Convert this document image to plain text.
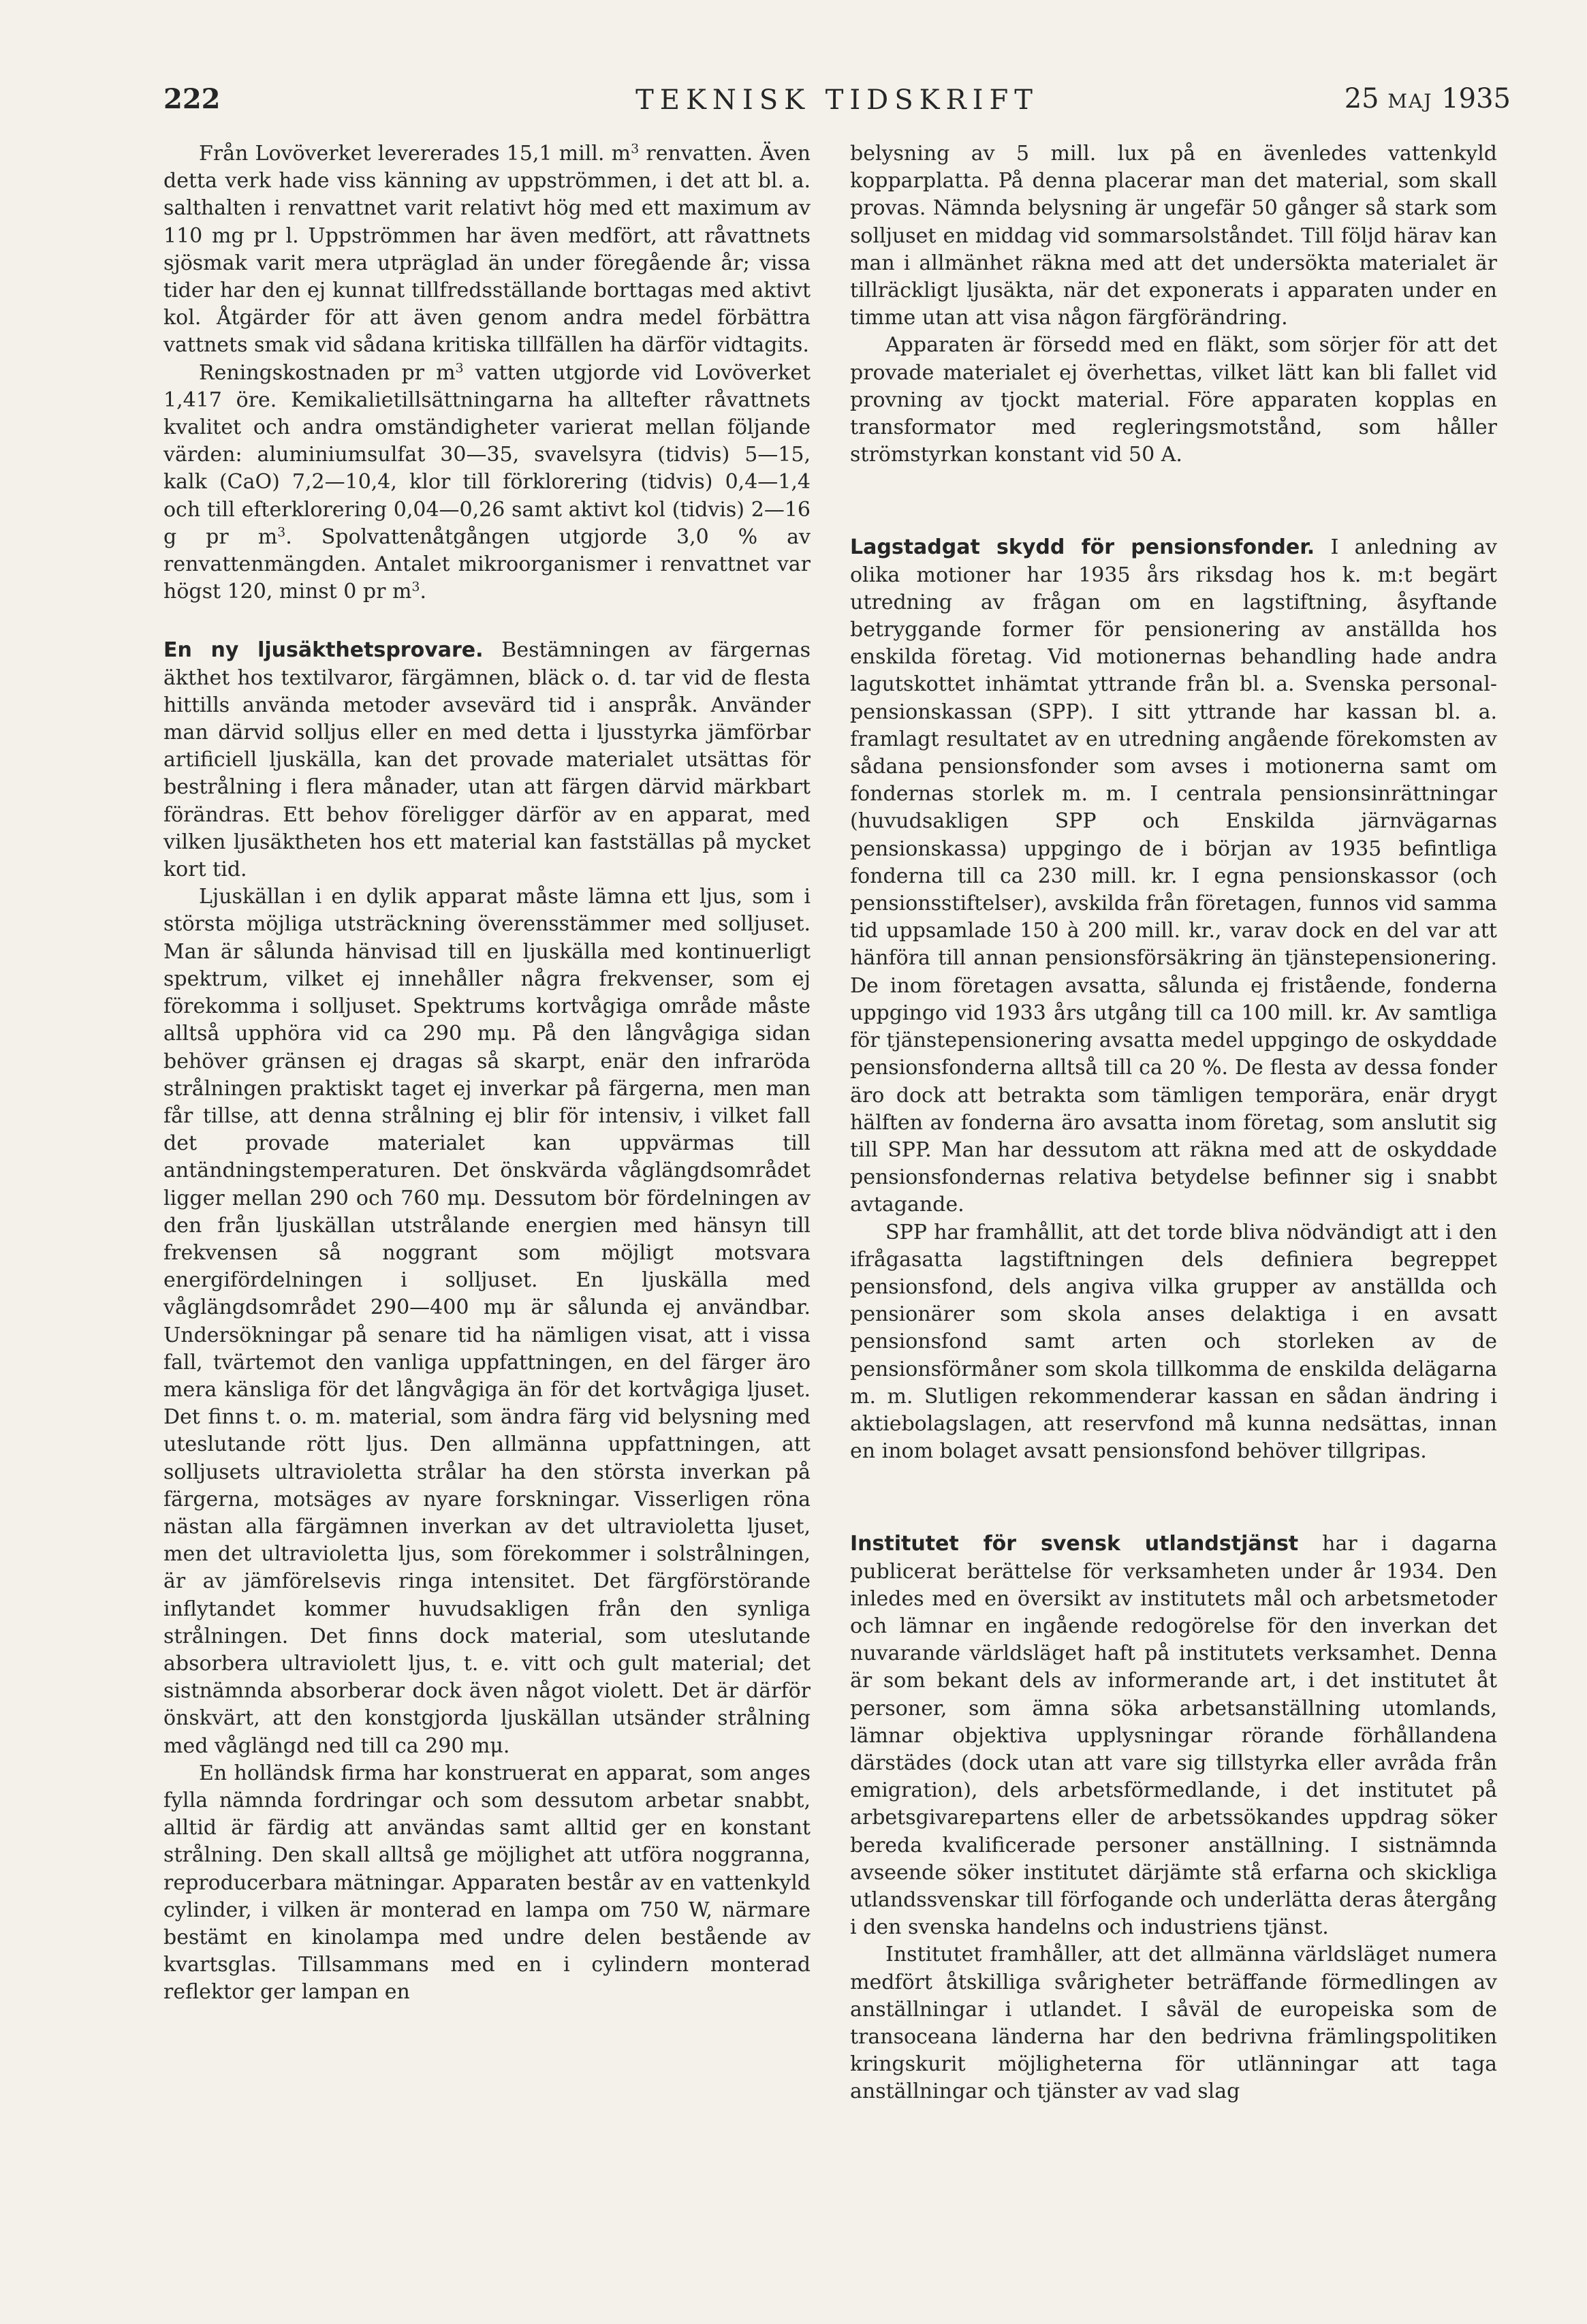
222	TEKNISK TIDSKRIFT	25 MAJ 1935

Från Lovöverket levererades 15,1 mill. $m^3$ renvatten. Även detta verk hade viss känning av uppströmmen, i det att bl. a. salthalten i renvattnet varit relativt hög med ett maximum av 110 mg pr l. Uppströmmen har även medfört, att råvattnets sjösmak varit mera utpräglad än under föregående år; vissa tider har den ej kunnat tillfredsställande borttagas med aktivt kol. Åtgärder för att även genom andra medel förbättra vattnets smak vid sådana kritiska tillfällen ha därför vidtagits.

Reningskostnaden pr $m^3$ vatten utgjorde vid Lovöverket 1,417 öre. Kemikalietillsättningarna ha alltefter råvattnets kvalitet och andra omständigheter varierat mellan följande värden: aluminiumsulfat 30—35, svavelsyra (tidvis) 5—15, kalk (CaO) 7,2—10,4, klor till förklorering (tidvis) 0,4—1,4 och till efterklorering 0,04—0,26 samt aktivt kol (tidvis) 2—16 g pr $m^3$. Spolvattenåtgången utgjorde 3,0 % av renvattenmängden. Antalet mikroorganismer i renvattnet var högst 120, minst 0 pr $m^3$.

En ny ljusäkthetsprovare. Bestämningen av färgernas äkthet hos textilvaror, färgämnen, bläck o. d. tar vid de flesta hittills använda metoder avsevärd tid i anspråk. Använder man därvid solljus eller en med detta i ljusstyrka jämförbar artificiell ljuskälla, kan det provade materialet utsättas för bestrålning i flera månader, utan att färgen därvid märkbart förändras. Ett behov föreligger därför av en apparat, med vilken ljusäktheten hos ett material kan fastställas på mycket kort tid.

Ljuskällan i en dylik apparat måste lämna ett ljus, som i största möjliga utsträckning överensstämmer med solljuset. Man är sålunda hänvisad till en ljuskälla med kontinuerligt spektrum, vilket ej innehåller några frekvenser, som ej förekomma i solljuset. Spektrums kortvågiga område måste alltså upphöra vid ca 290 mμ. På den långvågiga sidan behöver gränsen ej dragas så skarpt, enär den infraröda strålningen praktiskt taget ej inverkar på färgerna, men man får tillse, att denna strålning ej blir för intensiv, i vilket fall det provade materialet kan uppvärmas till antändningstemperaturen. Det önskvärda våglängdsområdet ligger mellan 290 och 760 mμ. Dessutom bör fördelningen av den från ljuskällan utstrålande energien med hänsyn till frekvensen så noggrant som möjligt motsvara energifördelningen i solljuset. En ljuskälla med våglängdsområdet 290—400 mμ är sålunda ej användbar. Undersökningar på senare tid ha nämligen visat, att i vissa fall, tvärtemot den vanliga uppfattningen, en del färger äro mera känsliga för det långvågiga än för det kortvågiga ljuset. Det finns t. o. m. material, som ändra färg vid belysning med uteslutande rött ljus. Den allmänna uppfattningen, att solljusets ultravioletta strålar ha den största inverkan på färgerna, motsäges av nyare forskningar. Visserligen röna nästan alla färgämnen inverkan av det ultravioletta ljuset, men det ultravioletta ljus, som förekommer i solstrålningen, är av jämförelsevis ringa intensitet. Det färgförstörande inflytandet kommer huvudsakligen från den synliga strålningen. Det finns dock material, som uteslutande absorbera ultraviolett ljus, t. e. vitt och gult material; det sistnämnda absorberar dock även något violett. Det är därför önskvärt, att den konstgjorda ljuskällan utsänder strålning med våglängd ned till ca 290 mμ.

En holländsk firma har konstruerat en apparat, som anges fylla nämnda fordringar och som dessutom arbetar snabbt, alltid är färdig att användas samt alltid ger en konstant strålning. Den skall alltså ge möjlighet att utföra noggranna, reproducerbara mätningar. Apparaten består av en vattenkyld cylinder, i vilken är monterad en lampa om 750 W, närmare bestämt en kinolampa med undre delen bestående av kvartsglas. Tillsammans med en i cylindern monterad reflektor ger lampan en

belysning av 5 mill. lux på en ävenledes vattenkyld kopparplatta. På denna placerar man det material, som skall provas. Nämnda belysning är ungefär 50 gånger så stark som solljuset en middag vid sommarsolståndet. Till följd härav kan man i allmänhet räkna med att det undersökta materialet är tillräckligt ljusäkta, när det exponerats i apparaten under en timme utan att visa någon färgförändring.

Apparaten är försedd med en fläkt, som sörjer för att det provade materialet ej överhettas, vilket lätt kan bli fallet vid provning av tjockt material. Före apparaten kopplas en transformator med regleringsmotstånd, som håller strömstyrkan konstant vid 50 A.

Lagstadgat skydd för pensionsfonder. I anledning av olika motioner har 1935 års riksdag hos k. m:t begärt utredning av frågan om en lagstiftning, åsyftande betryggande former för pensionering av anställda hos enskilda företag. Vid motionernas behandling hade andra lagutskottet inhämtat yttrande från bl. a. Svenska personal-pensionskassan (SPP). I sitt yttrande har kassan bl. a. framlagt resultatet av en utredning angående förekomsten av sådana pensionsfonder som avses i motionerna samt om fondernas storlek m. m. I centrala pensionsinrättningar (huvudsakligen SPP och Enskilda järnvägarnas pensionskassa) uppgingo de i början av 1935 befintliga fonderna till ca 230 mill. kr. I egna pensionskassor (och pensionsstiftelser), avskilda från företagen, funnos vid samma tid uppsamlade 150 à 200 mill. kr., varav dock en del var att hänföra till annan pensionsförsäkring än tjänstepensionering. De inom företagen avsatta, sålunda ej fristående, fonderna uppgingo vid 1933 års utgång till ca 100 mill. kr. Av samtliga för tjänstepensionering avsatta medel uppgingo de oskyddade pensionsfonderna alltså till ca 20 %. De flesta av dessa fonder äro dock att betrakta som tämligen temporära, enär drygt hälften av fonderna äro avsatta inom företag, som anslutit sig till SPP. Man har dessutom att räkna med att de oskyddade pensionsfondernas relativa betydelse befinner sig i snabbt avtagande.

SPP har framhållit, att det torde bliva nödvändigt att i den ifrågasatta lagstiftningen dels definiera begreppet pensionsfond, dels angiva vilka grupper av anställda och pensionärer som skola anses delaktiga i en avsatt pensionsfond samt arten och storleken av de pensionsförmåner som skola tillkomma de enskilda delägarna m. m. Slutligen rekommenderar kassan en sådan ändring i aktiebolagslagen, att reservfond må kunna nedsättas, innan en inom bolaget avsatt pensionsfond behöver tillgripas.

Institutet för svensk utlandstjänst har i dagarna publicerat berättelse för verksamheten under år 1934. Den inledes med en översikt av institutets mål och arbetsmetoder och lämnar en ingående redogörelse för den inverkan det nuvarande världsläget haft på institutets verksamhet. Denna är som bekant dels av informerande art, i det institutet åt personer, som ämna söka arbetsanställning utomlands, lämnar objektiva upplysningar rörande förhållandena därstädes (dock utan att vare sig tillstyrka eller avråda från emigration), dels arbetsförmedlande, i det institutet på arbetsgivarepartens eller de arbetssökandes uppdrag söker bereda kvalificerade personer anställning. I sistnämnda avseende söker institutet därjämte stå erfarna och skickliga utlandssvenskar till förfogande och underlätta deras återgång i den svenska handelns och industriens tjänst.

Institutet framhåller, att det allmänna världsläget numera medfört åtskilliga svårigheter beträffande förmedlingen av anställningar i utlandet. I såväl de europeiska som de transoceana länderna har den bedrivna främlingspolitiken kringskurit möjligheterna för utlänningar att taga anställningar och tjänster av vad slag
